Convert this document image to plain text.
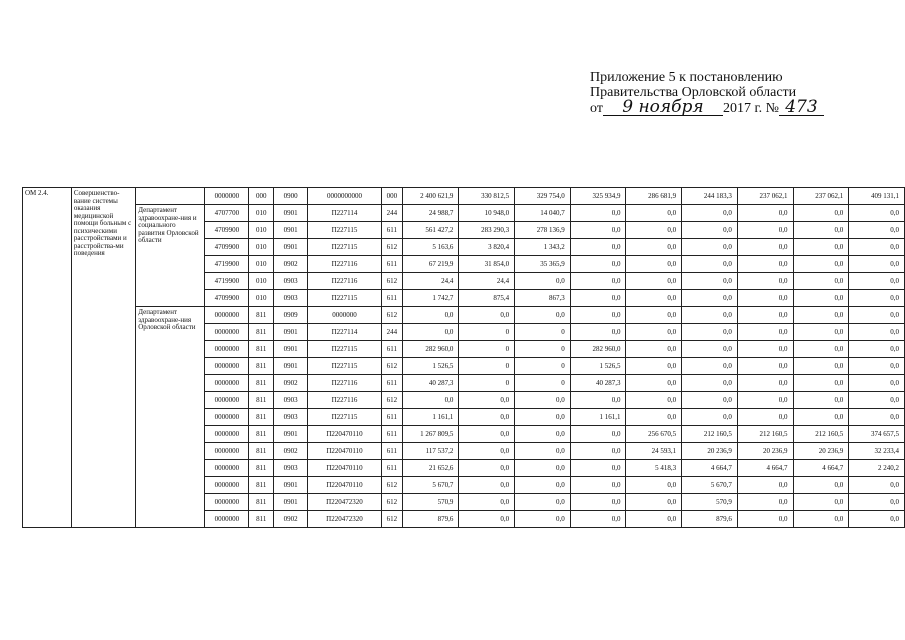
Приложение 5 к постановлению
Правительства Орловской области
от 9 ноября 2017 г. № 473
ОМ 2.4.	Совершенство-вание системы оказания медицинской помощи больным с психическими расстройствами и расстройства-ми поведения		0000000	000	0900	0000000000	000	2 400 621,9	330 812,5	329 754,0	325 934,9	286 681,9	244 183,3	237 062,1	237 062,1	409 131,1
		Департамент здравоохране-ния и социального развития Орловской области	4707700	010	0901	П227114	244	24 988,7	10 948,0	14 040,7	0,0	0,0	0,0	0,0	0,0	0,0
			4709900	010	0901	П227115	611	561 427,2	283 290,3	278 136,9	0,0	0,0	0,0	0,0	0,0	0,0
			4709900	010	0901	П227115	612	5 163,6	3 820,4	1 343,2	0,0	0,0	0,0	0,0	0,0	0,0
			4719900	010	0902	П227116	611	67 219,9	31 854,0	35 365,9	0,0	0,0	0,0	0,0	0,0	0,0
			4719900	010	0903	П227116	612	24,4	24,4	0,0	0,0	0,0	0,0	0,0	0,0	0,0
			4709900	010	0903	П227115	611	1 742,7	875,4	867,3	0,0	0,0	0,0	0,0	0,0	0,0
		Департамент здравоохране-ния Орловской области	0000000	811	0909	0000000	612	0,0	0,0	0,0	0,0	0,0	0,0	0,0	0,0	0,0
			0000000	811	0901	П227114	244	0,0	0	0	0,0	0,0	0,0	0,0	0,0	0,0
			0000000	811	0901	П227115	611	282 960,0	0	0	282 960,0	0,0	0,0	0,0	0,0	0,0
			0000000	811	0901	П227115	612	1 526,5	0	0	1 526,5	0,0	0,0	0,0	0,0	0,0
			0000000	811	0902	П227116	611	40 287,3	0	0	40 287,3	0,0	0,0	0,0	0,0	0,0
			0000000	811	0903	П227116	612	0,0	0,0	0,0	0,0	0,0	0,0	0,0	0,0	0,0
			0000000	811	0903	П227115	611	1 161,1	0,0	0,0	1 161,1	0,0	0,0	0,0	0,0	0,0
			0000000	811	0901	П220470110	611	1 267 809,5	0,0	0,0	0,0	256 670,5	212 160,5	212 160,5	212 160,5	374 657,5
			0000000	811	0902	П220470110	611	117 537,2	0,0	0,0	0,0	24 593,1	20 236,9	20 236,9	20 236,9	32 233,4
			0000000	811	0903	П220470110	611	21 652,6	0,0	0,0	0,0	5 418,3	4 664,7	4 664,7	4 664,7	2 240,2
			0000000	811	0901	П220470110	612	5 670,7	0,0	0,0	0,0	0,0	5 670,7	0,0	0,0	0,0
			0000000	811	0901	П220472320	612	570,9	0,0	0,0	0,0	0,0	570,9	0,0	0,0	0,0
			0000000	811	0902	П220472320	612	879,6	0,0	0,0	0,0	0,0	879,6	0,0	0,0	0,0
